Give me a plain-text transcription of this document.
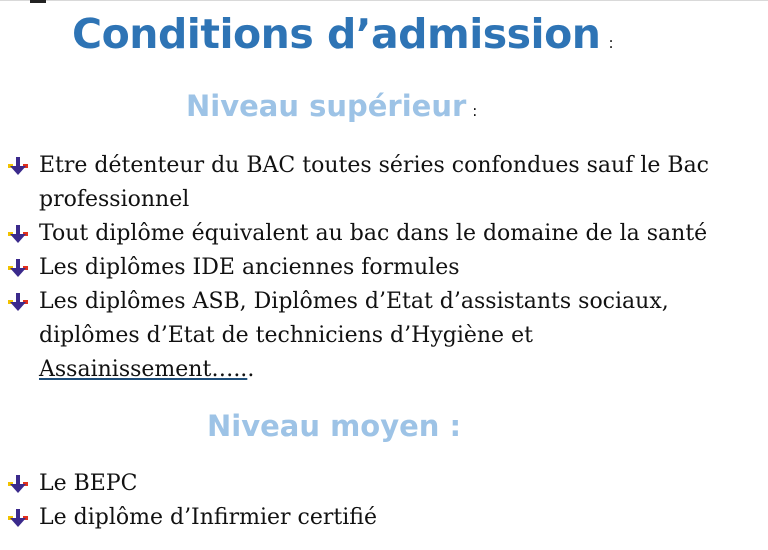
Conditions d’admission :
Niveau supérieur :
Etre détenteur du BAC toutes séries confondues sauf le Bac
professionnel
Tout diplôme équivalent au bac dans le domaine de la santé
Les diplômes IDE anciennes formules
Les diplômes ASB, Diplômes d’Etat d’assistants sociaux,
diplômes d’Etat de techniciens d’Hygiène et
Assainissement…...
Niveau moyen :
Le BEPC
Le diplôme d’Infirmier certifié
